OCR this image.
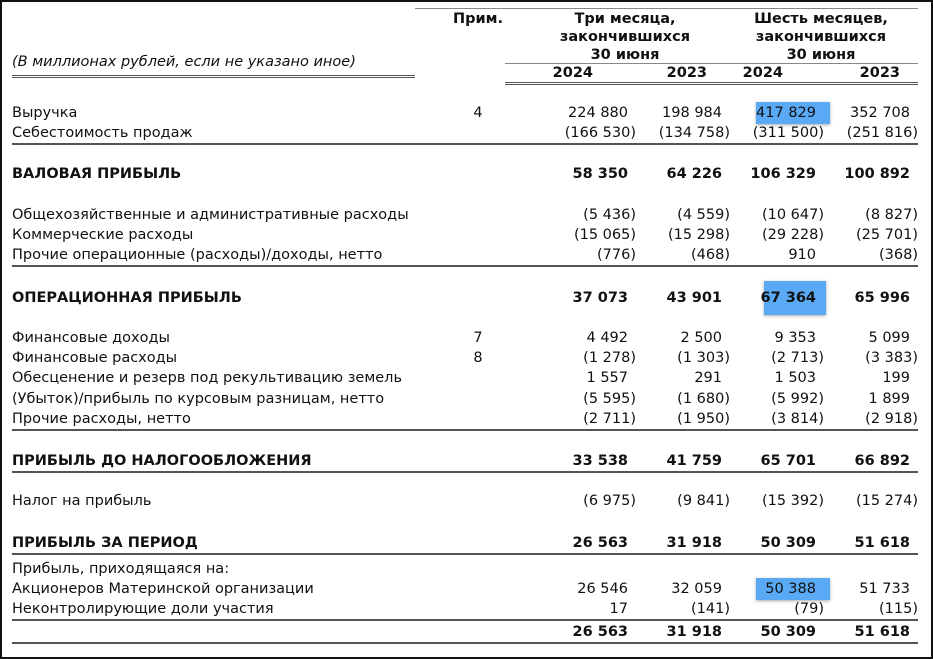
Прим.	Три месяца,
закончившихся
30 июня
Шесть месяцев,
закончившихся
30 июня
(В миллионах рублей, если не указано иное)
2024	2023	2024	2023
Выручка	4	224 880	198 984	417 829	352 708
Себестоимость продаж	(166 530)	(134 758)	(311 500)	(251 816)
ВАЛОВАЯ ПРИБЫЛЬ	58 350	64 226	106 329	100 892
Общехозяйственные и административные расходы	(5 436)	(4 559)	(10 647)	(8 827)
Коммерческие расходы	(15 065)	(15 298)	(29 228)	(25 701)
Прочие операционные (расходы)/доходы, нетто	(776)	(468)	910	(368)
ОПЕРАЦИОННАЯ ПРИБЫЛЬ	37 073	43 901	67 364	65 996
Финансовые доходы	7	4 492	2 500	9 353	5 099
Финансовые расходы	8	(1 278)	(1 303)	(2 713)	(3 383)
Обесценение и резерв под рекультивацию земель	1 557	291	1 503	199
(Убыток)/прибыль по курсовым разницам, нетто	(5 595)	(1 680)	(5 992)	1 899
Прочие расходы, нетто	(2 711)	(1 950)	(3 814)	(2 918)
ПРИБЫЛЬ ДО НАЛОГООБЛОЖЕНИЯ	33 538	41 759	65 701	66 892
Налог на прибыль	(6 975)	(9 841)	(15 392)	(15 274)
ПРИБЫЛЬ ЗА ПЕРИОД	26 563	31 918	50 309	51 618
Прибыль, приходящаяся на:
Акционеров Материнской организации	26 546	32 059	50 388	51 733
Неконтролирующие доли участия	17	(141)	(79)	(115)
26 563	31 918	50 309	51 618
